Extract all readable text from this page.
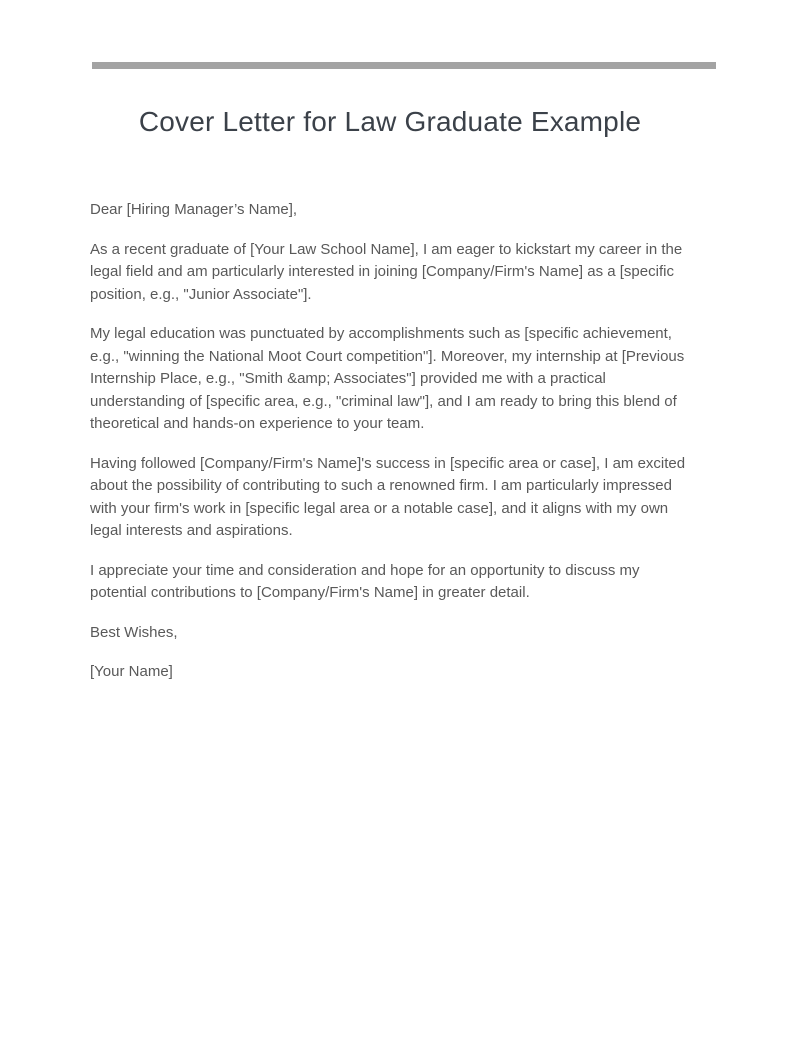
Cover Letter for Law Graduate Example

Dear [Hiring Manager’s Name],

As a recent graduate of [Your Law School Name], I am eager to kickstart my career in the legal field and am particularly interested in joining [Company/Firm's Name] as a [specific position, e.g., "Junior Associate"].

My legal education was punctuated by accomplishments such as [specific achievement, e.g., "winning the National Moot Court competition"]. Moreover, my internship at [Previous Internship Place, e.g., "Smith &amp; Associates"] provided me with a practical understanding of [specific area, e.g., "criminal law"], and I am ready to bring this blend of theoretical and hands-on experience to your team.

Having followed [Company/Firm's Name]'s success in [specific area or case], I am excited about the possibility of contributing to such a renowned firm. I am particularly impressed with your firm's work in [specific legal area or a notable case], and it aligns with my own legal interests and aspirations.

I appreciate your time and consideration and hope for an opportunity to discuss my potential contributions to [Company/Firm's Name] in greater detail.

Best Wishes,

[Your Name]
